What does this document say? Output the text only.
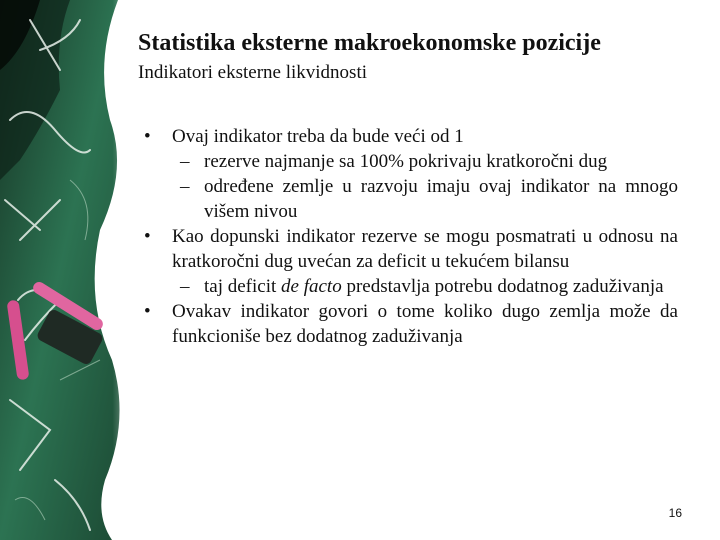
Statistika eksterne makroekonomske pozicije
Indikatori eksterne likvidnosti
• Ovaj indikator treba da bude veći od 1
– rezerve najmanje sa 100% pokrivaju kratkoročni dug
– određene zemlje u razvoju imaju ovaj indikator na mnogo višem nivou
• Kao dopunski indikator rezerve se mogu posmatrati u odnosu na kratkoročni dug uvećan za deficit u tekućem bilansu
– taj deficit de facto predstavlja potrebu dodatnog zaduživanja
• Ovakav indikator govori o tome koliko dugo zemlja može da funkcioniše bez dodatnog zaduživanja
16
